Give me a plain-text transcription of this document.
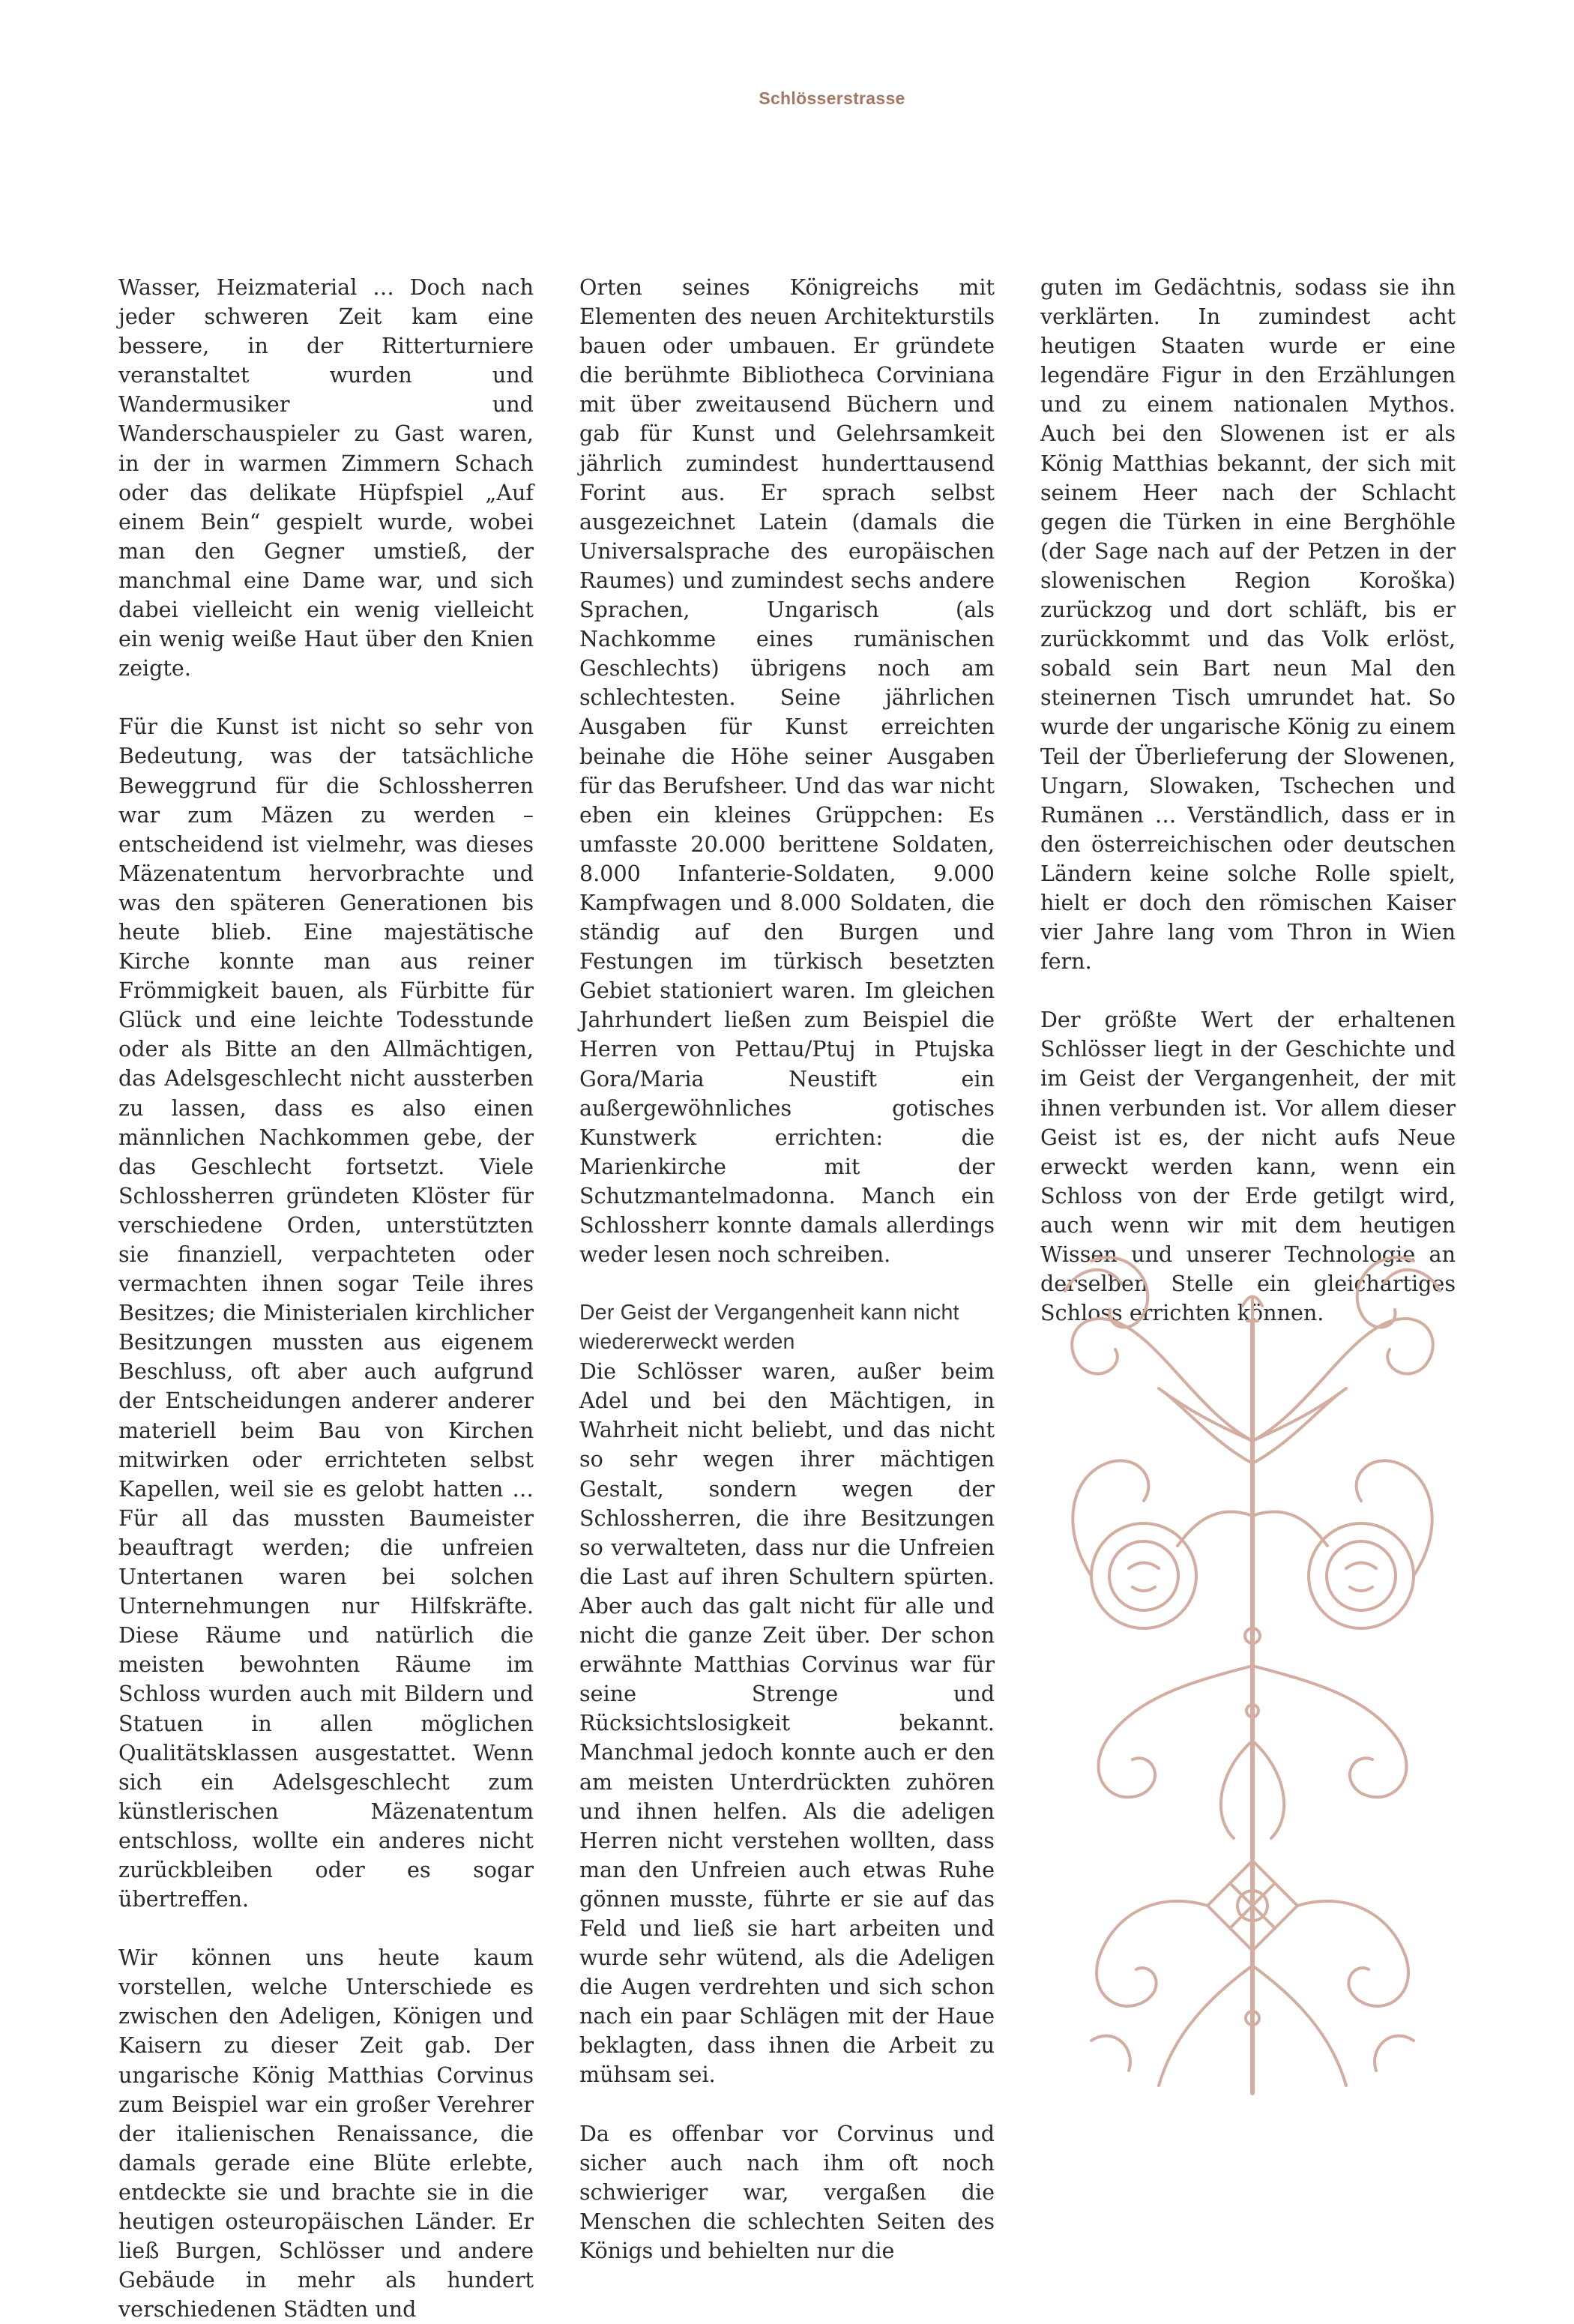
Schlösserstrasse

Wasser, Heizmaterial … Doch nach jeder schweren Zeit kam eine bessere, in der Ritterturniere veranstaltet wurden und Wandermusiker und Wanderschauspieler zu Gast waren, in der in warmen Zimmern Schach oder das delikate Hüpfspiel „Auf einem Bein“ gespielt wurde, wobei man den Gegner umstieß, der manchmal eine Dame war, und sich dabei vielleicht ein wenig vielleicht ein wenig weiße Haut über den Knien zeigte.

Für die Kunst ist nicht so sehr von Bedeutung, was der tatsächliche Beweggrund für die Schlossherren war zum Mäzen zu werden – entscheidend ist vielmehr, was dieses Mäzenatentum hervorbrachte und was den späteren Generationen bis heute blieb. Eine majestätische Kirche konnte man aus reiner Frömmigkeit bauen, als Fürbitte für Glück und eine leichte Todesstunde oder als Bitte an den Allmächtigen, das Adelsgeschlecht nicht aussterben zu lassen, dass es also einen männlichen Nachkommen gebe, der das Geschlecht fortsetzt. Viele Schlossherren gründeten Klöster für verschiedene Orden, unterstützten sie finanziell, verpachteten oder vermachten ihnen sogar Teile ihres Besitzes; die Ministerialen kirchlicher Besitzungen mussten aus eigenem Beschluss, oft aber auch aufgrund der Entscheidungen anderer anderer materiell beim Bau von Kirchen mitwirken oder errichteten selbst Kapellen, weil sie es gelobt hatten … Für all das mussten Baumeister beauftragt werden; die unfreien Untertanen waren bei solchen Unternehmungen nur Hilfskräfte. Diese Räume und natürlich die meisten bewohnten Räume im Schloss wurden auch mit Bildern und Statuen in allen möglichen Qualitätsklassen ausgestattet. Wenn sich ein Adelsgeschlecht zum künstlerischen Mäzenatentum entschloss, wollte ein anderes nicht zurückbleiben oder es sogar übertreffen.

Wir können uns heute kaum vorstellen, welche Unterschiede es zwischen den Adeligen, Königen und Kaisern zu dieser Zeit gab. Der ungarische König Matthias Corvinus zum Beispiel war ein großer Verehrer der italienischen Renaissance, die damals gerade eine Blüte erlebte, entdeckte sie und brachte sie in die heutigen osteuropäischen Länder. Er ließ Burgen, Schlösser und andere Gebäude in mehr als hundert verschiedenen Städten und

Orten seines Königreichs mit Elementen des neuen Architekturstils bauen oder umbauen. Er gründete die berühmte Bibliotheca Corviniana mit über zweitausend Büchern und gab für Kunst und Gelehrsamkeit jährlich zumindest hunderttausend Forint aus. Er sprach selbst ausgezeichnet Latein (damals die Universalsprache des europäischen Raumes) und zumindest sechs andere Sprachen, Ungarisch (als Nachkomme eines rumänischen Geschlechts) übrigens noch am schlechtesten. Seine jährlichen Ausgaben für Kunst erreichten beinahe die Höhe seiner Ausgaben für das Berufsheer. Und das war nicht eben ein kleines Grüppchen: Es umfasste 20.000 berittene Soldaten, 8.000 Infanterie-Soldaten, 9.000 Kampfwagen und 8.000 Soldaten, die ständig auf den Burgen und Festungen im türkisch besetzten Gebiet stationiert waren. Im gleichen Jahrhundert ließen zum Beispiel die Herren von Pettau/Ptuj in Ptujska Gora/Maria Neustift ein außergewöhnliches gotisches Kunstwerk errichten: die Marienkirche mit der Schutzmantelmadonna. Manch ein Schlossherr konnte damals allerdings weder lesen noch schreiben.

Der Geist der Vergangenheit kann nicht wiedererweckt werden

Die Schlösser waren, außer beim Adel und bei den Mächtigen, in Wahrheit nicht beliebt, und das nicht so sehr wegen ihrer mächtigen Gestalt, sondern wegen der Schlossherren, die ihre Besitzungen so verwalteten, dass nur die Unfreien die Last auf ihren Schultern spürten. Aber auch das galt nicht für alle und nicht die ganze Zeit über. Der schon erwähnte Matthias Corvinus war für seine Strenge und Rücksichtslosigkeit bekannt. Manchmal jedoch konnte auch er den am meisten Unterdrückten zuhören und ihnen helfen. Als die adeligen Herren nicht verstehen wollten, dass man den Unfreien auch etwas Ruhe gönnen musste, führte er sie auf das Feld und ließ sie hart arbeiten und wurde sehr wütend, als die Adeligen die Augen verdrehten und sich schon nach ein paar Schlägen mit der Haue beklagten, dass ihnen die Arbeit zu mühsam sei.

Da es offenbar vor Corvinus und sicher auch nach ihm oft noch schwieriger war, vergaßen die Menschen die schlechten Seiten des Königs und behielten nur die

guten im Gedächtnis, sodass sie ihn verklärten. In zumindest acht heutigen Staaten wurde er eine legendäre Figur in den Erzählungen und zu einem nationalen Mythos. Auch bei den Slowenen ist er als König Matthias bekannt, der sich mit seinem Heer nach der Schlacht gegen die Türken in eine Berghöhle (der Sage nach auf der Petzen in der slowenischen Region Koroška) zurückzog und dort schläft, bis er zurückkommt und das Volk erlöst, sobald sein Bart neun Mal den steinernen Tisch umrundet hat. So wurde der ungarische König zu einem Teil der Überlieferung der Slowenen, Ungarn, Slowaken, Tschechen und Rumänen … Verständlich, dass er in den österreichischen oder deutschen Ländern keine solche Rolle spielt, hielt er doch den römischen Kaiser vier Jahre lang vom Thron in Wien fern.

Der größte Wert der erhaltenen Schlösser liegt in der Geschichte und im Geist der Vergangenheit, der mit ihnen verbunden ist. Vor allem dieser Geist ist es, der nicht aufs Neue erweckt werden kann, wenn ein Schloss von der Erde getilgt wird, auch wenn wir mit dem heutigen Wissen und unserer Technologie an derselben Stelle ein gleichartiges Schloss errichten können.
